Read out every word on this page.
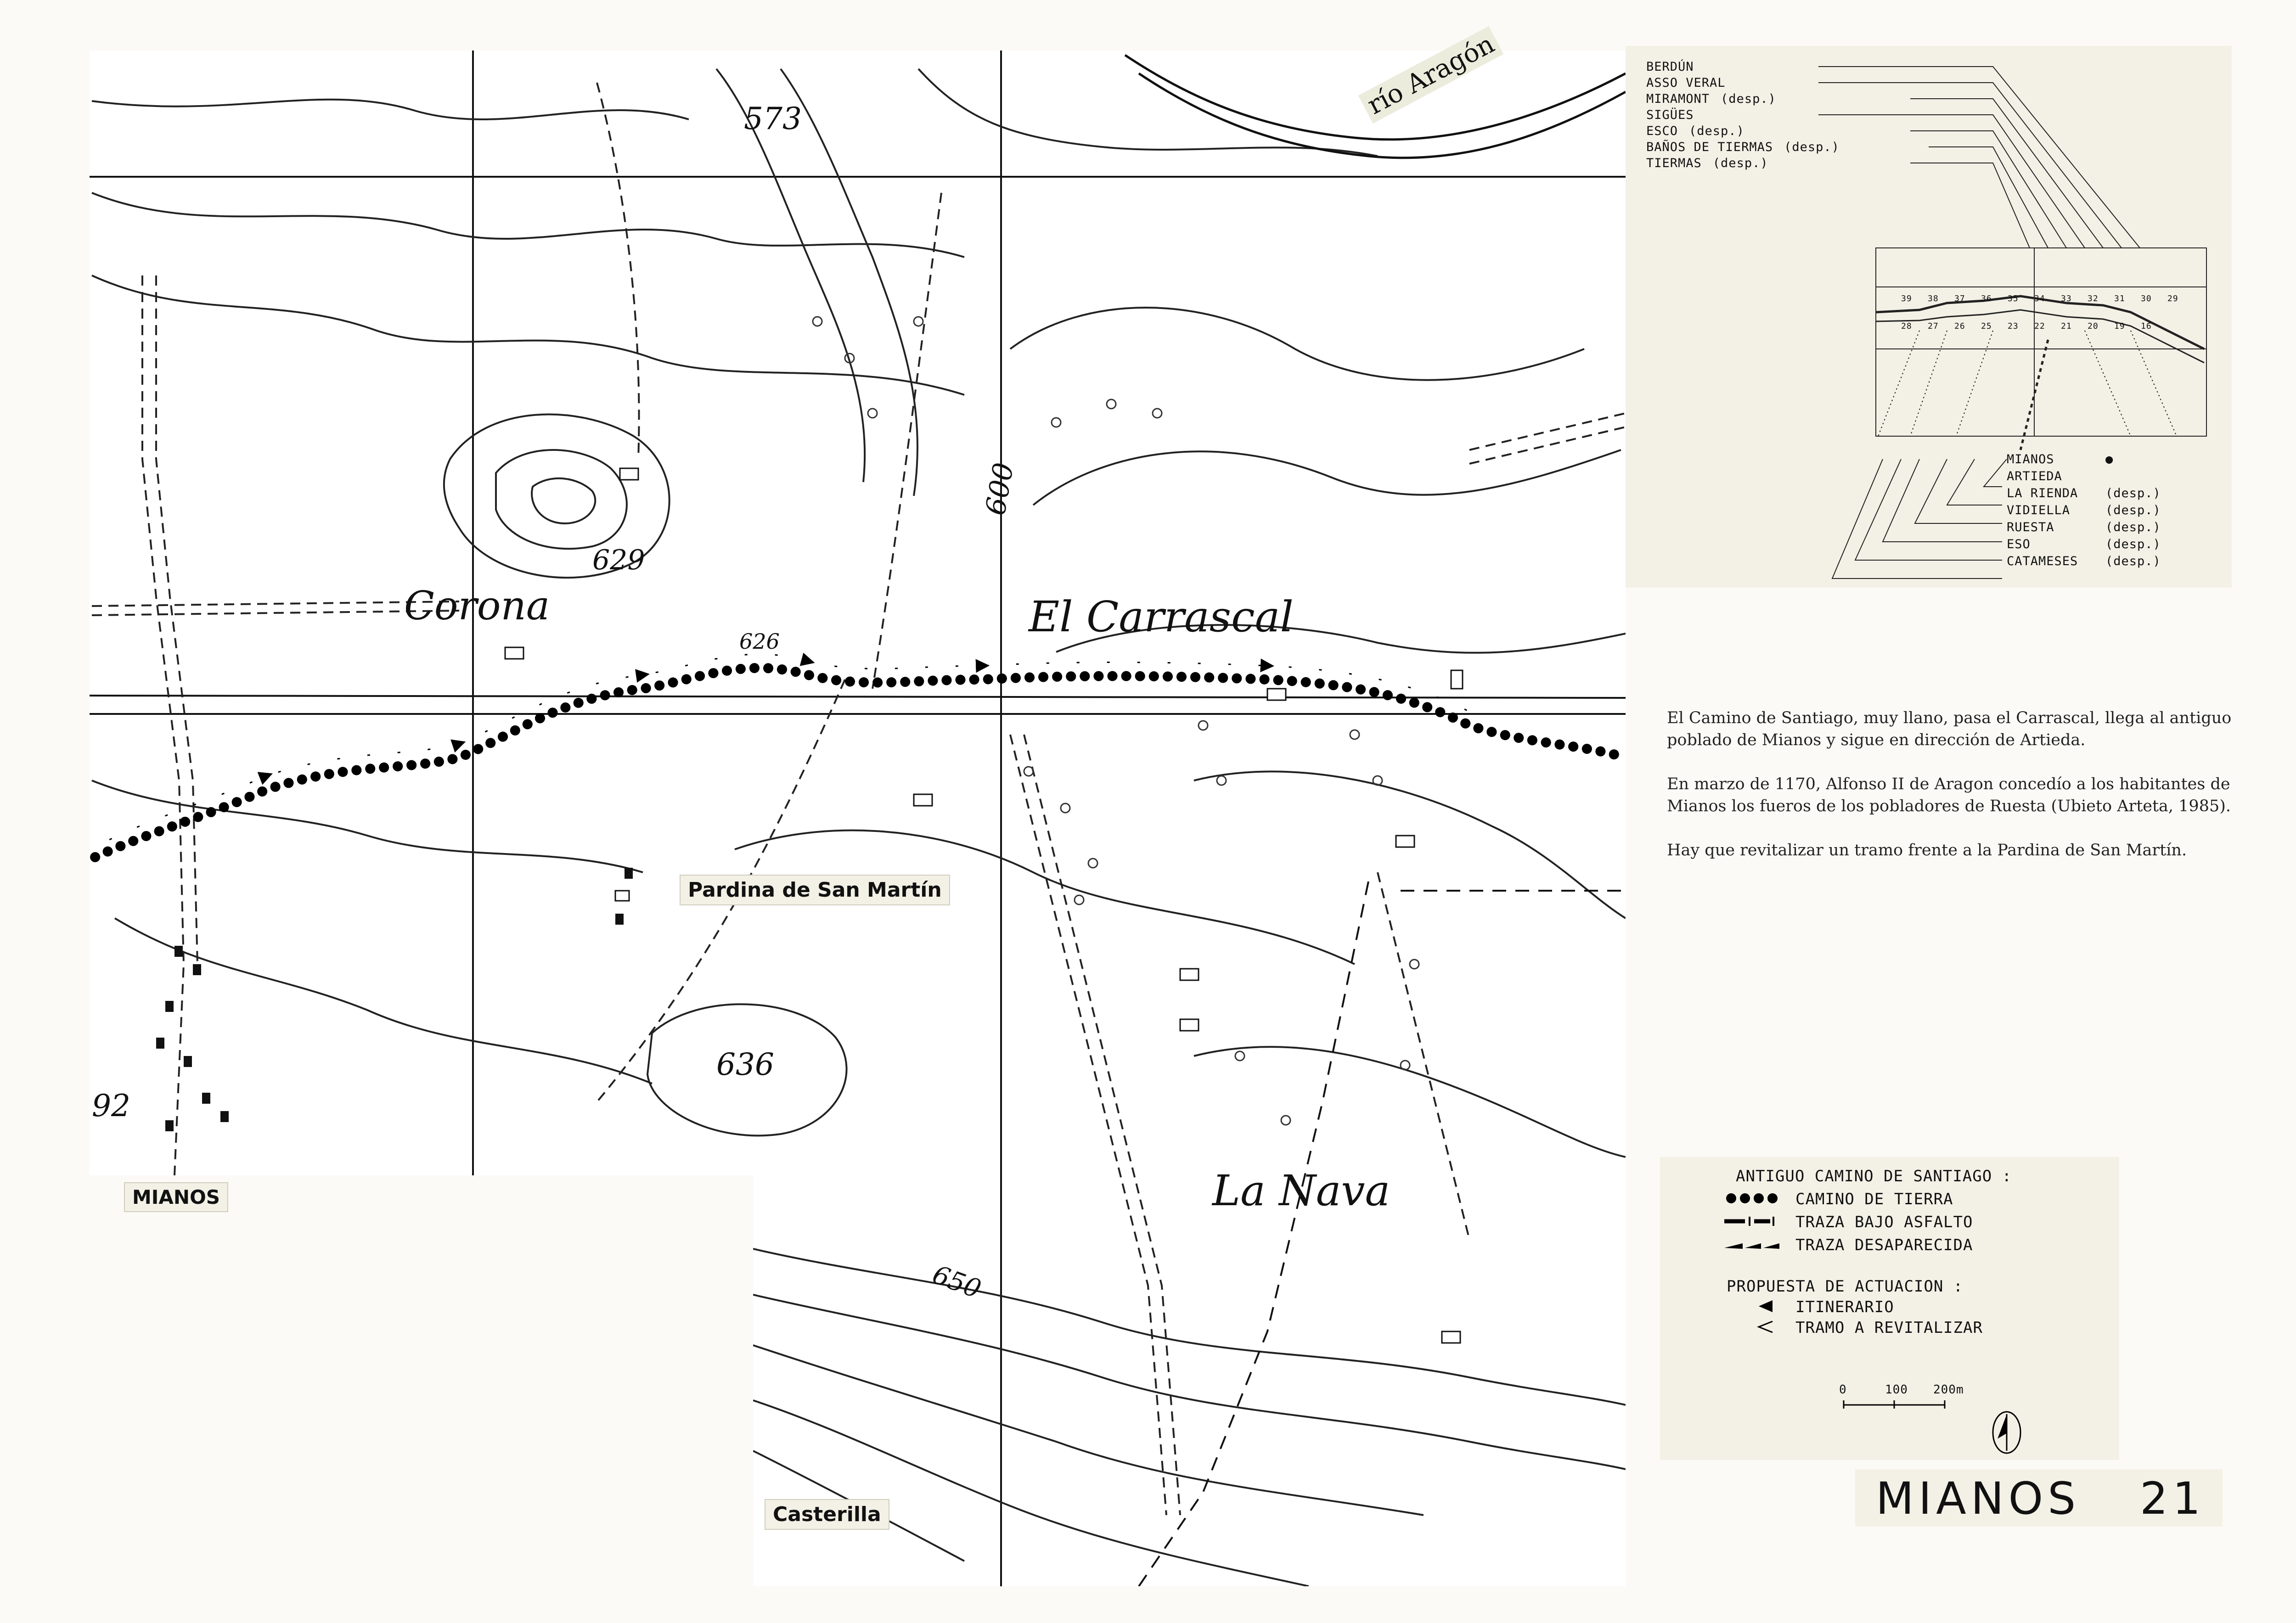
Corona	El Carrascal
La Nava
río Aragón
573
629
626
600
636
650
92
MIANOS
Pardina de San Martín
Casterilla
BERDÚN
ASSO VERAL
MIRAMONT (desp.)
SIGÜES
ESCO (desp.)
BAÑOS DE TIERMAS (desp.)
TIERMAS (desp.)
MIANOS	●
ARTIEDA
LA RIENDA (desp.)
VIDIELLA	(desp.)
RUESTA	(desp.)
ESO	(desp.)
CATAMESES (desp.)
39 38 37 36 35 34 33 32 31 30 29
28 27 26 25 23 22 21 20 19 16

El Camino de Santiago, muy llano, pasa el Carrascal, llega al antiguo poblado de Mianos y sigue en dirección de Artieda.

En marzo de 1170, Alfonso II de Aragon concedío a los habitantes de Mianos los fueros de los pobladores de Ruesta (Ubieto Arteta, 1985).

Hay que revitalizar un tramo frente a la Pardina de San Martín.

ANTIGUO CAMINO DE SANTIAGO :
CAMINO DE TIERRA
TRAZA BAJO ASFALTO
TRAZA DESAPARECIDA
PROPUESTA DE ACTUACION :
ITINERARIO
TRAMO A REVITALIZAR
0	100 200m
MIANOS 21
